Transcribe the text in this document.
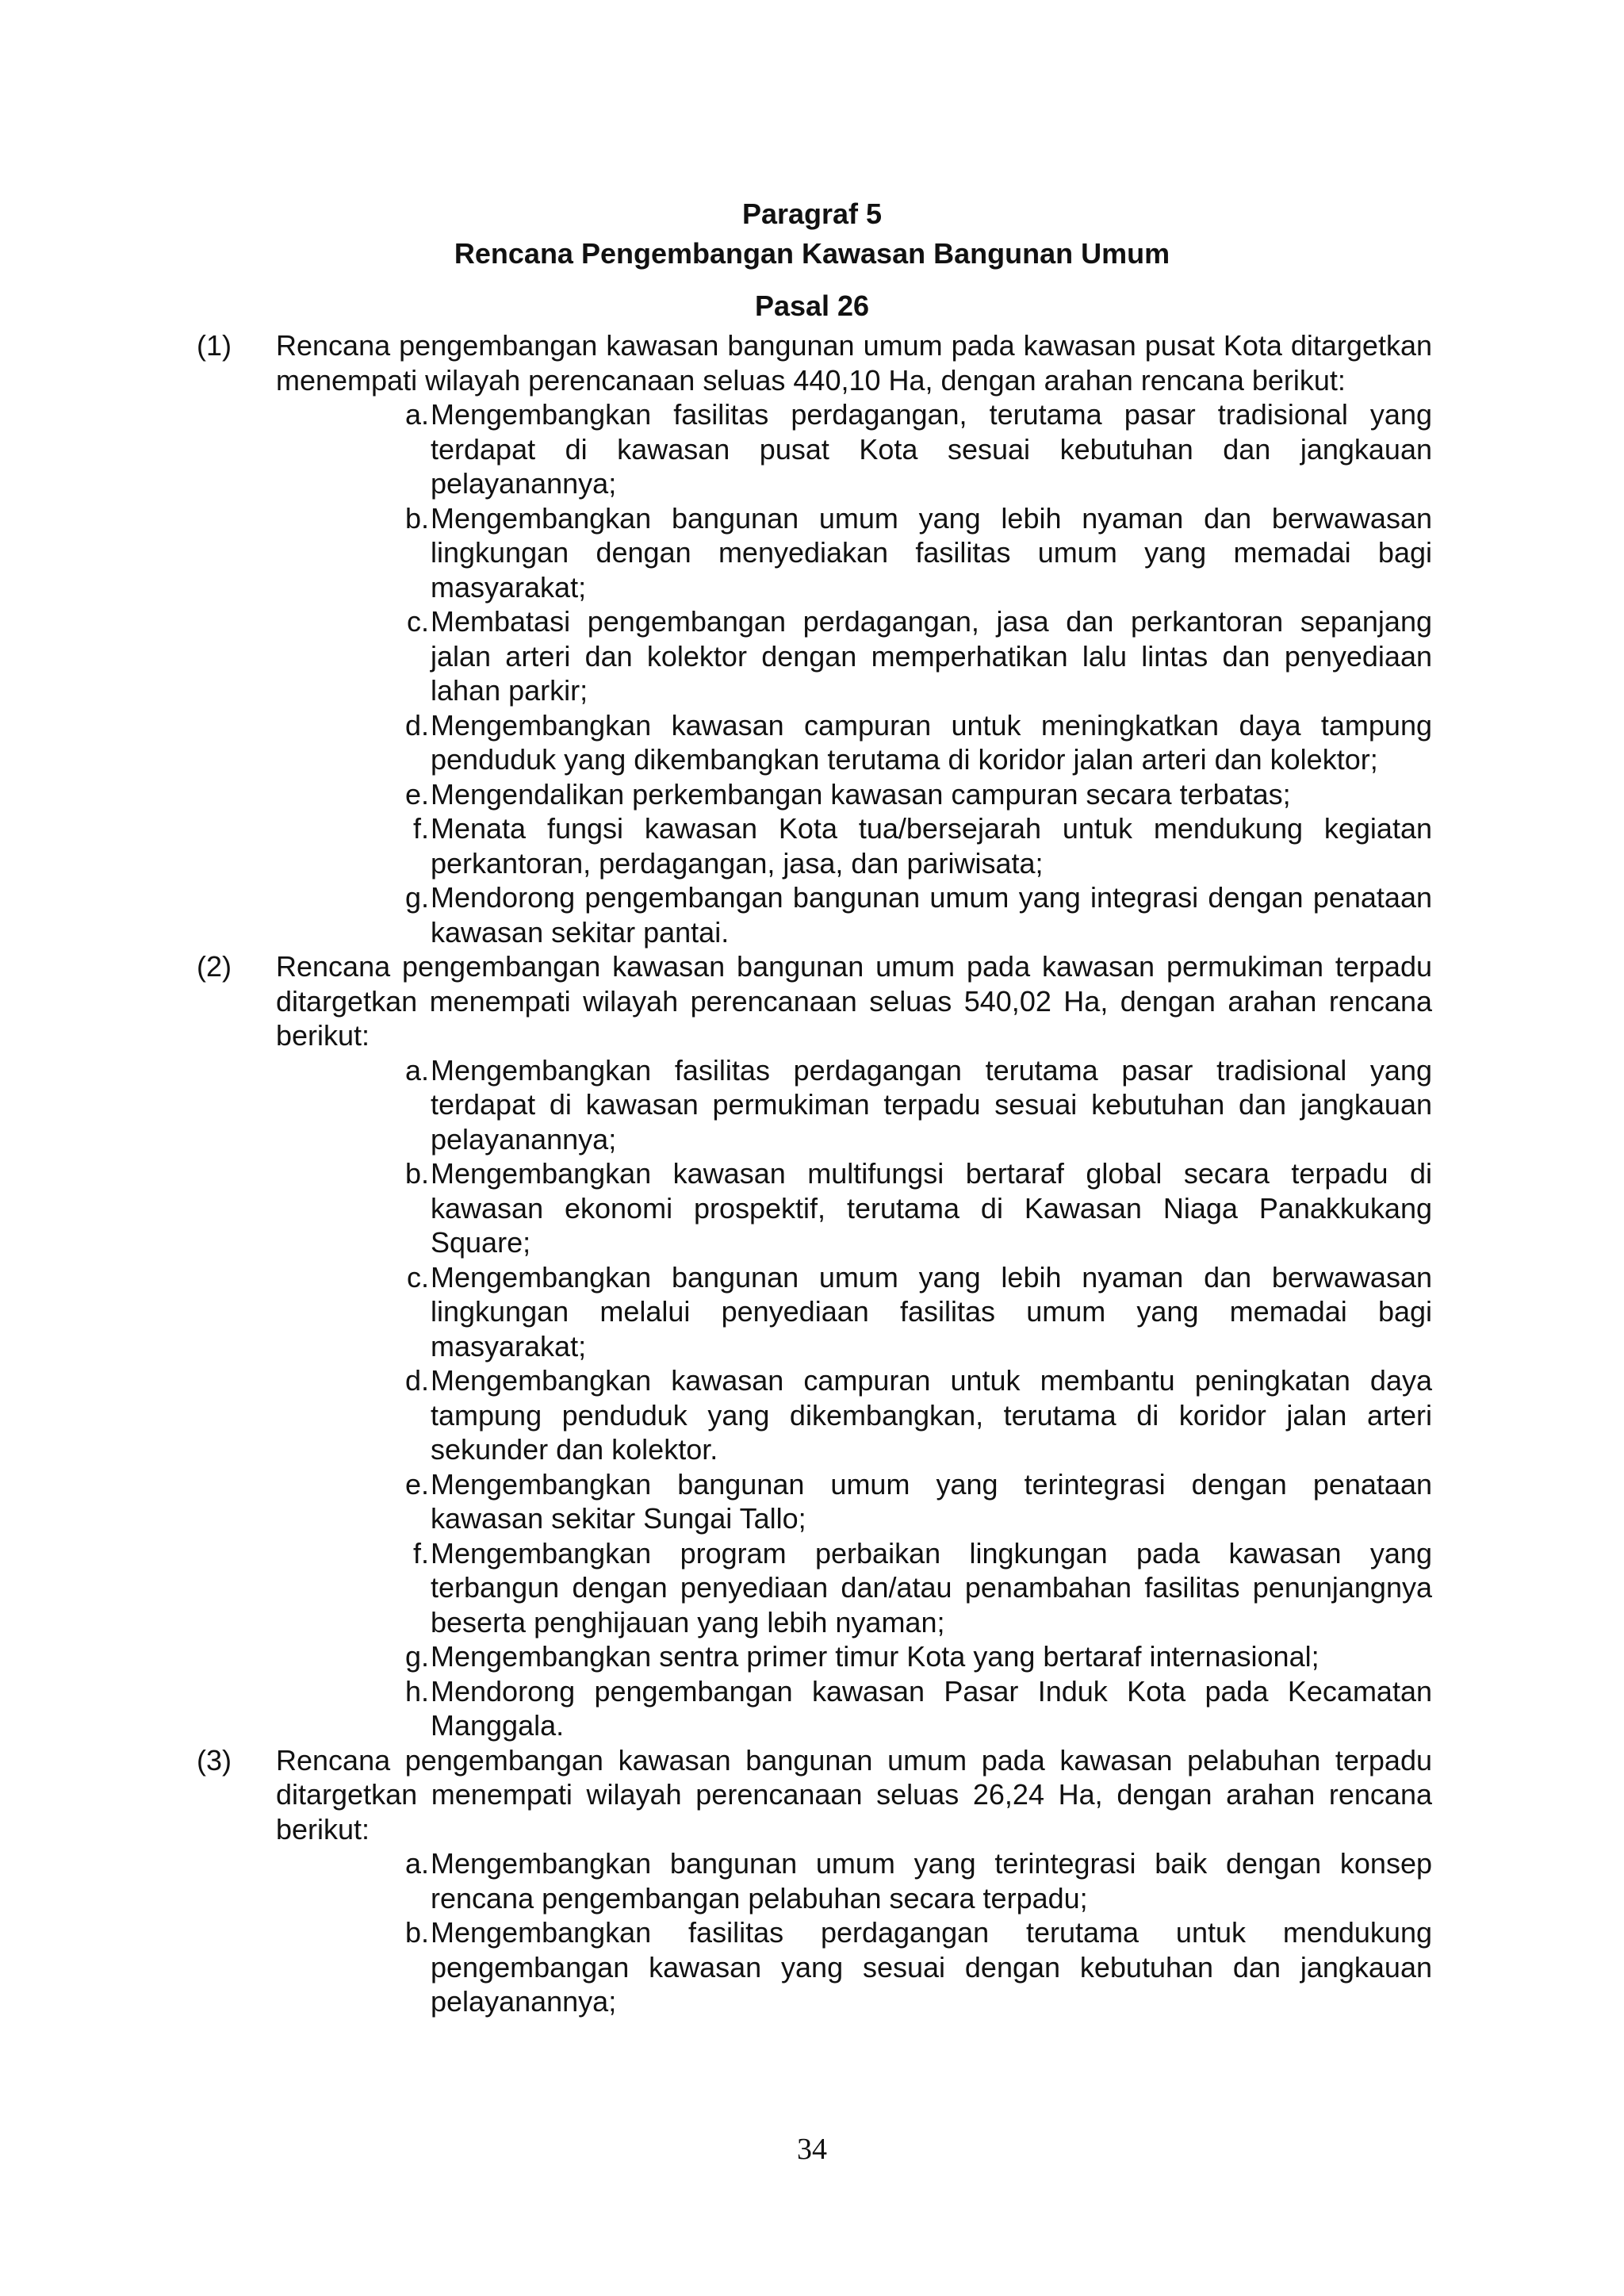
Paragraf 5
Rencana Pengembangan Kawasan Bangunan Umum
Pasal 26
(1)	Rencana pengembangan kawasan bangunan umum pada kawasan pusat Kota ditargetkan menempati wilayah perencanaan seluas 440,10 Ha, dengan arahan rencana berikut:
a. Mengembangkan fasilitas perdagangan, terutama pasar tradisional yang terdapat di kawasan pusat Kota sesuai kebutuhan dan jangkauan pelayanannya;
b. Mengembangkan bangunan umum yang lebih nyaman dan berwawasan lingkungan dengan menyediakan fasilitas umum yang memadai bagi masyarakat;
c. Membatasi pengembangan perdagangan, jasa dan perkantoran sepanjang jalan arteri dan kolektor dengan memperhatikan lalu lintas dan penyediaan lahan parkir;
d. Mengembangkan kawasan campuran untuk meningkatkan daya tampung penduduk yang dikembangkan terutama di koridor jalan arteri dan kolektor;
e. Mengendalikan perkembangan kawasan campuran secara terbatas;
f. Menata fungsi kawasan Kota tua/bersejarah untuk mendukung kegiatan perkantoran, perdagangan, jasa, dan pariwisata;
g. Mendorong pengembangan bangunan umum yang integrasi dengan penataan kawasan sekitar pantai.
(2)	Rencana pengembangan kawasan bangunan umum pada kawasan permukiman terpadu ditargetkan menempati wilayah perencanaan seluas 540,02 Ha, dengan arahan rencana berikut:
a. Mengembangkan fasilitas perdagangan terutama pasar tradisional yang terdapat di kawasan permukiman terpadu sesuai kebutuhan dan jangkauan pelayanannya;
b. Mengembangkan kawasan multifungsi bertaraf global secara terpadu di kawasan ekonomi prospektif, terutama di Kawasan Niaga Panakkukang Square;
c. Mengembangkan bangunan umum yang lebih nyaman dan berwawasan lingkungan melalui penyediaan fasilitas umum yang memadai bagi masyarakat;
d. Mengembangkan kawasan campuran untuk membantu peningkatan daya tampung penduduk yang dikembangkan, terutama di koridor jalan arteri sekunder dan kolektor.
e. Mengembangkan bangunan umum yang terintegrasi dengan penataan kawasan sekitar Sungai Tallo;
f. Mengembangkan program perbaikan lingkungan pada kawasan yang terbangun dengan penyediaan dan/atau penambahan fasilitas penunjangnya beserta penghijauan yang lebih nyaman;
g. Mengembangkan sentra primer timur Kota yang bertaraf internasional;
h. Mendorong pengembangan kawasan Pasar Induk Kota pada Kecamatan Manggala.
(3)	Rencana pengembangan kawasan bangunan umum pada kawasan pelabuhan terpadu ditargetkan menempati wilayah perencanaan seluas 26,24 Ha, dengan arahan rencana berikut:
a. Mengembangkan bangunan umum yang terintegrasi baik dengan konsep rencana pengembangan pelabuhan secara terpadu;
b. Mengembangkan fasilitas perdagangan terutama untuk mendukung pengembangan kawasan yang sesuai dengan kebutuhan dan jangkauan pelayanannya;
34
